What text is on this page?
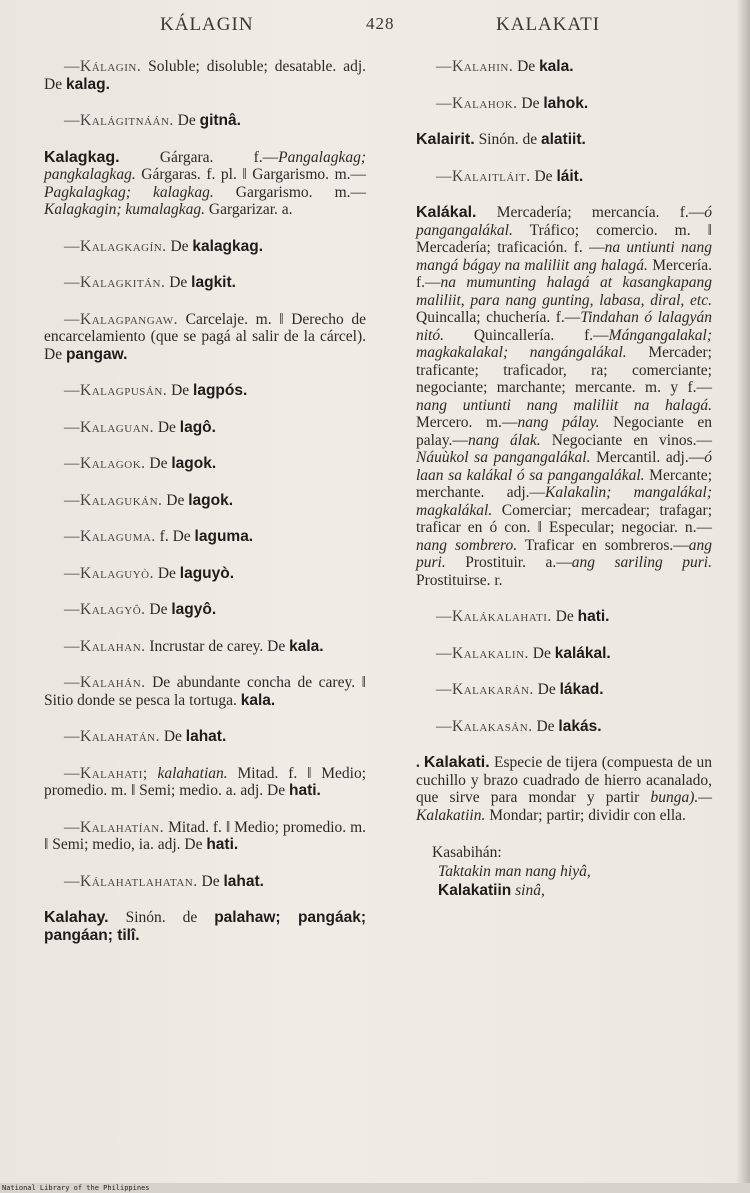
KÁLAGIN	428	KALAKATI

—Kálagin. Soluble; disoluble; desatable. adj. De kalag.

—Kalágitnáán. De gitnâ.

Kalagkag.	Gárgara. f.—Pangalagkag; pangkalagkag. Gárgaras. f. pl. ‖ Gargarismo. m.—Pagkalagkag; kalagkag. Gargarismo. m.—Kalagkagin; kumalagkag. Gargarizar. a.

—Kalagkagín. De kalagkag.

—Kalagkitán. De lagkit.

—Kalagpangaw. Carcelaje. m. ‖ Derecho de encarcelamiento (que se pagá al salir de la cárcel). De pangaw.

—Kalagpusán. De lagpós.

—Kalaguan. De lagô.

—Kalagok. De lagok.

—Kalagukán. De lagok.

—Kalaguma. f. De laguma.

—Kalaguyò. De laguyò.

—Kalagyô. De lagyô.

—Kalahan. Incrustar de carey. De kala.

—Kalahán. De abundante concha de carey. ‖ Sitio donde se pesca la tortuga. kala.

—Kalahatán. De lahat.

—Kalahati; kalahatian. Mitad. f. ‖ Medio; promedio. m. ‖ Semi; medio. a. adj. De hati.

—Kalahatían. Mitad. f. ‖ Medio; promedio. m. ‖ Semi; medio, ia. adj. De hati.

—Kálahatlahatan. De lahat.

Kalahay. Sinón. de palahaw; pangáak; pangáan; tilî.

—Kalahin. De kala.

—Kalahok. De lahok.

Kalairit. Sinón. de alatiit.

—Kalaitláit. De láit.

Kalákal. Mercadería; mercancía. f.—ó pangangalákal. Tráfico; comercio. m. ‖ Mercadería; traficación. f. —na untiunti nang mangá bágay na maliliit ang halagá. Mercería. f.—na mumunting halagá at kasangkapang maliliit, para nang gunting, labasa, diral, etc. Quincalla; chuchería. f.—Tindahan ó lalagyán nitó. Quincallería. f.—Mángangalakal; magkakalakal; nangángalákal. Mercader; traficante; traficador, ra; comerciante; negociante; marchante; mercante. m. y f.—nang untiunti nang maliliit na halagá. Mercero. m.—nang pálay. Negociante en palay.—nang álak. Negociante en vinos.—Náuùkol sa pangangalákal. Mercantil. adj.—ó laan sa kalákal ó sa pangangalákal. Mercante; merchante. adj.—Kalakalin; mangalákal; magkalákal. Comerciar; mercadear; trafagar; traficar en ó con. ‖ Especular; negociar. n.—nang sombrero. Traficar en sombreros.—ang puri. Prostituir. a.—ang sariling puri. Prostituirse. r.

—Kalákalahati. De hati.

—Kalakalin. De kalákal.

—Kalakarán. De lákad.

—Kalakasán. De lakás.

. Kalakati. Especie de tijera (compuesta de un cuchillo y brazo cuadrado de hierro acanalado, que sirve para mondar y partir bunga).—Kalakatiin. Mondar; partir; dividir con ella.

Kasabihán:
Taktakin man nang hiyâ,
Kalakatiin sinâ,
National Library of the Philippines
